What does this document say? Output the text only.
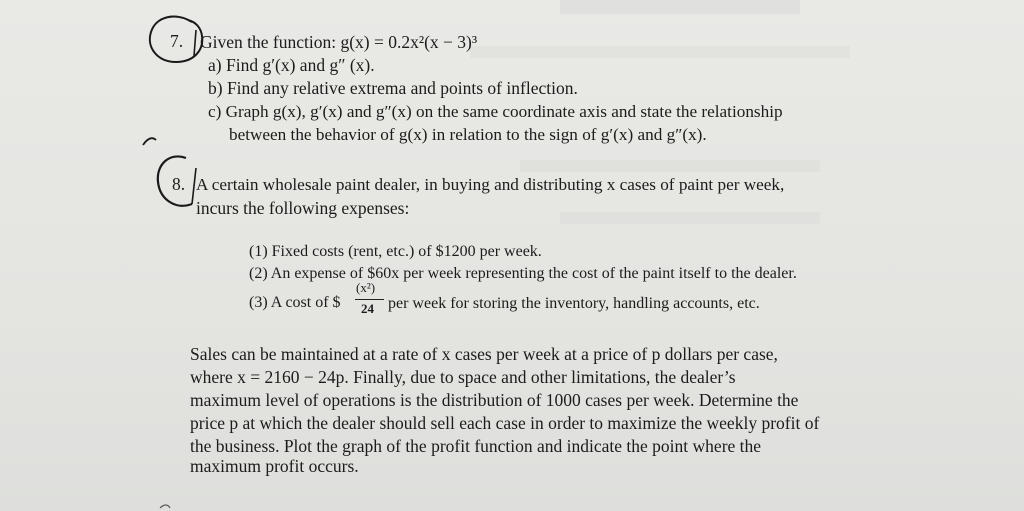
7. Given the function: g(x) = 0.2x²(x − 3)³
a) Find g′(x) and g″ (x).
b) Find any relative extrema and points of inflection.
c) Graph g(x), g′(x) and g″(x) on the same coordinate axis and state the relationship
between the behavior of g(x) in relation to the sign of g′(x) and g″(x).
8. A certain wholesale paint dealer, in buying and distributing x cases of paint per week,
incurs the following expenses:
(1) Fixed costs (rent, etc.) of $1200 per week.
(2) An expense of $60x per week representing the cost of the paint itself to the dealer.
(3) A cost of $
(x²)
24 per week for storing the inventory, handling accounts, etc.
Sales can be maintained at a rate of x cases per week at a price of p dollars per case,
where x = 2160 − 24p. Finally, due to space and other limitations, the dealer’s
maximum level of operations is the distribution of 1000 cases per week. Determine the
price p at which the dealer should sell each case in order to maximize the weekly profit of
the business. Plot the graph of the profit function and indicate the point where the
maximum profit occurs.
